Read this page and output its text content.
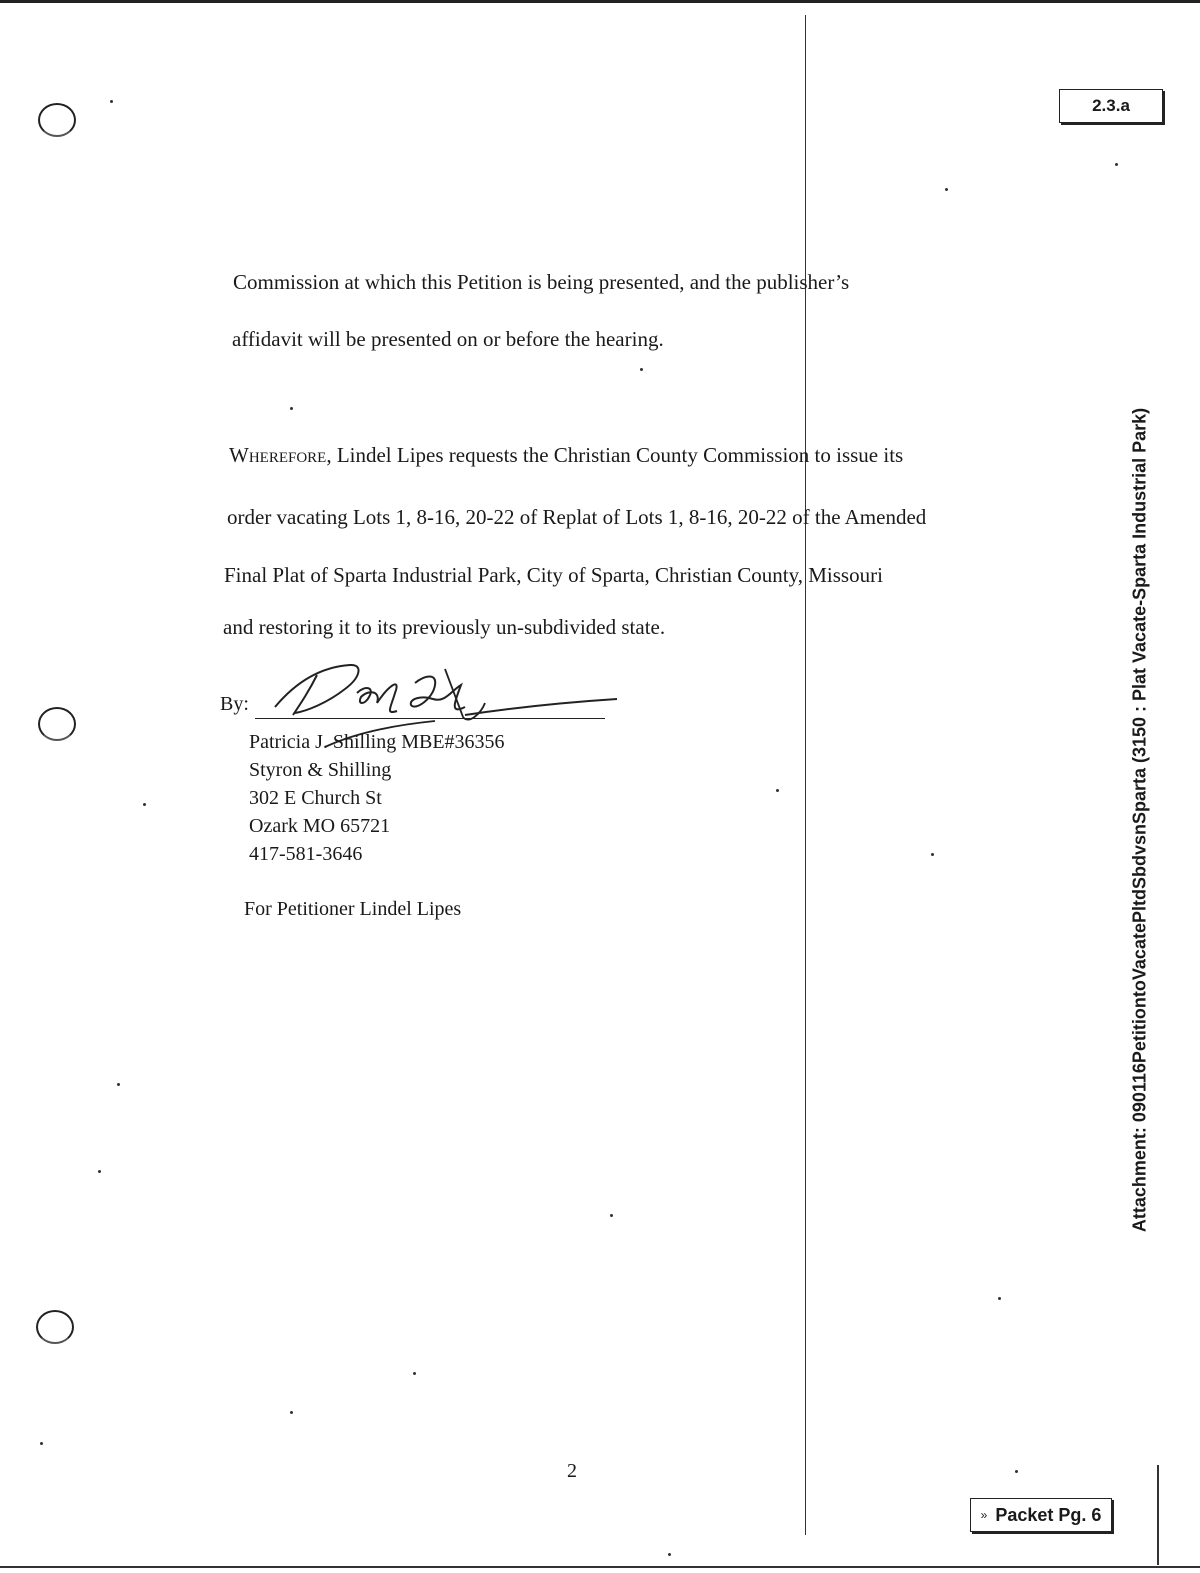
2.3.a
Attachment: 090116PetitiontoVacatePltdSbdvsnSparta (3150 : Plat Vacate-Sparta Industrial Park)
Commission at which this Petition is being presented, and the publisher’s
affidavit will be presented on or before the hearing.
Wherefore, Lindel Lipes requests the Christian County Commission to issue its
order vacating Lots 1, 8-16, 20-22 of Replat of Lots 1, 8-16, 20-22 of the Amended
Final Plat of Sparta Industrial Park, City of Sparta, Christian County, Missouri
and restoring it to its previously un-subdivided state.
By:
Patricia J. Shilling MBE#36356
Styron & Shilling
302 E Church St
Ozark MO 65721
417-581-3646
For Petitioner Lindel Lipes
2
» Packet Pg. 6
